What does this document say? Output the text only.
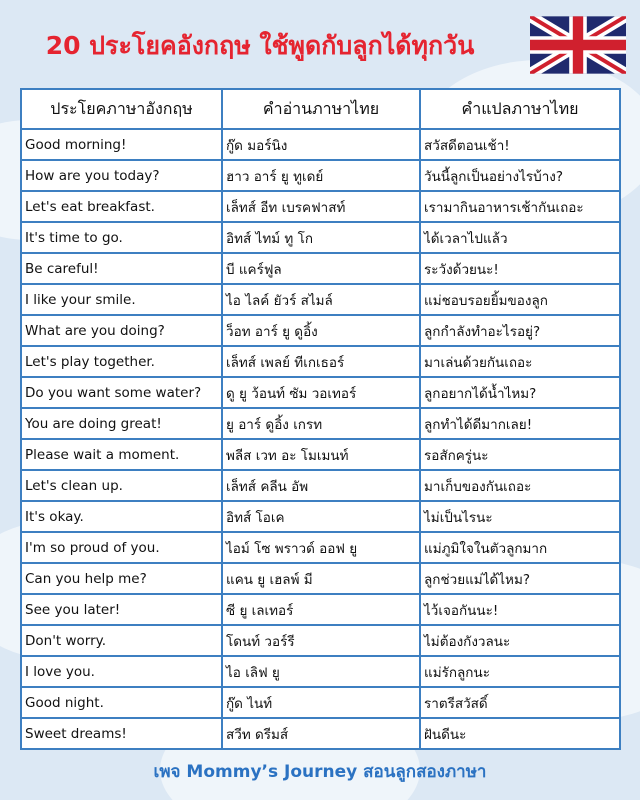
20 ประโยคอังกฤษ ใช้พูดกับลูกได้ทุกวัน
ประโยคภาษาอังกฤษ	คำอ่านภาษาไทย	คำแปลภาษาไทย
Good morning!	กู๊ด มอร์นิง	สวัสดีตอนเช้า!
How are you today?	ฮาว อาร์ ยู ทูเดย์	วันนี้ลูกเป็นอย่างไรบ้าง?
Let's eat breakfast.	เล็ทส์ อีท เบรคฟาสท์	เรามากินอาหารเช้ากันเถอะ
It's time to go.	อิทส์ ไทม์ ทู โก	ได้เวลาไปแล้ว
Be careful!	บี แคร์ฟูล	ระวังด้วยนะ!
I like your smile.	ไอ ไลค์ ยัวร์ สไมล์	แม่ชอบรอยยิ้มของลูก
What are you doing?	ว็อท อาร์ ยู ดูอิ้ง	ลูกกำลังทำอะไรอยู่?
Let's play together.	เล็ทส์ เพลย์ ทีเกเธอร์	มาเล่นด้วยกันเถอะ
Do you want some water?	ดู ยู ว้อนท์ ซัม วอเทอร์	ลูกอยากได้น้ำไหม?
You are doing great!	ยู อาร์ ดูอิ้ง เกรท	ลูกทำได้ดีมากเลย!
Please wait a moment.	พลีส เวท อะ โมเมนท์	รอสักครู่นะ
Let's clean up.	เล็ทส์ คลีน อัพ	มาเก็บของกันเถอะ
It's okay.	อิทส์ โอเค	ไม่เป็นไรนะ
I'm so proud of you.	ไอม์ โซ พราวด์ ออฟ ยู	แม่ภูมิใจในตัวลูกมาก
Can you help me?	แคน ยู เฮลพ์ มี	ลูกช่วยแม่ได้ไหม?
See you later!	ซี ยู เลเทอร์	ไว้เจอกันนะ!
Don't worry.	โดนท์ วอร์รี	ไม่ต้องกังวลนะ
I love you.	ไอ เลิฟ ยู	แม่รักลูกนะ
Good night.	กู๊ด ไนท์	ราตรีสวัสดิ์
Sweet dreams!	สวีท ดรีมส์	ฝันดีนะ
เพจ Mommy’s Journey สอนลูกสองภาษา
